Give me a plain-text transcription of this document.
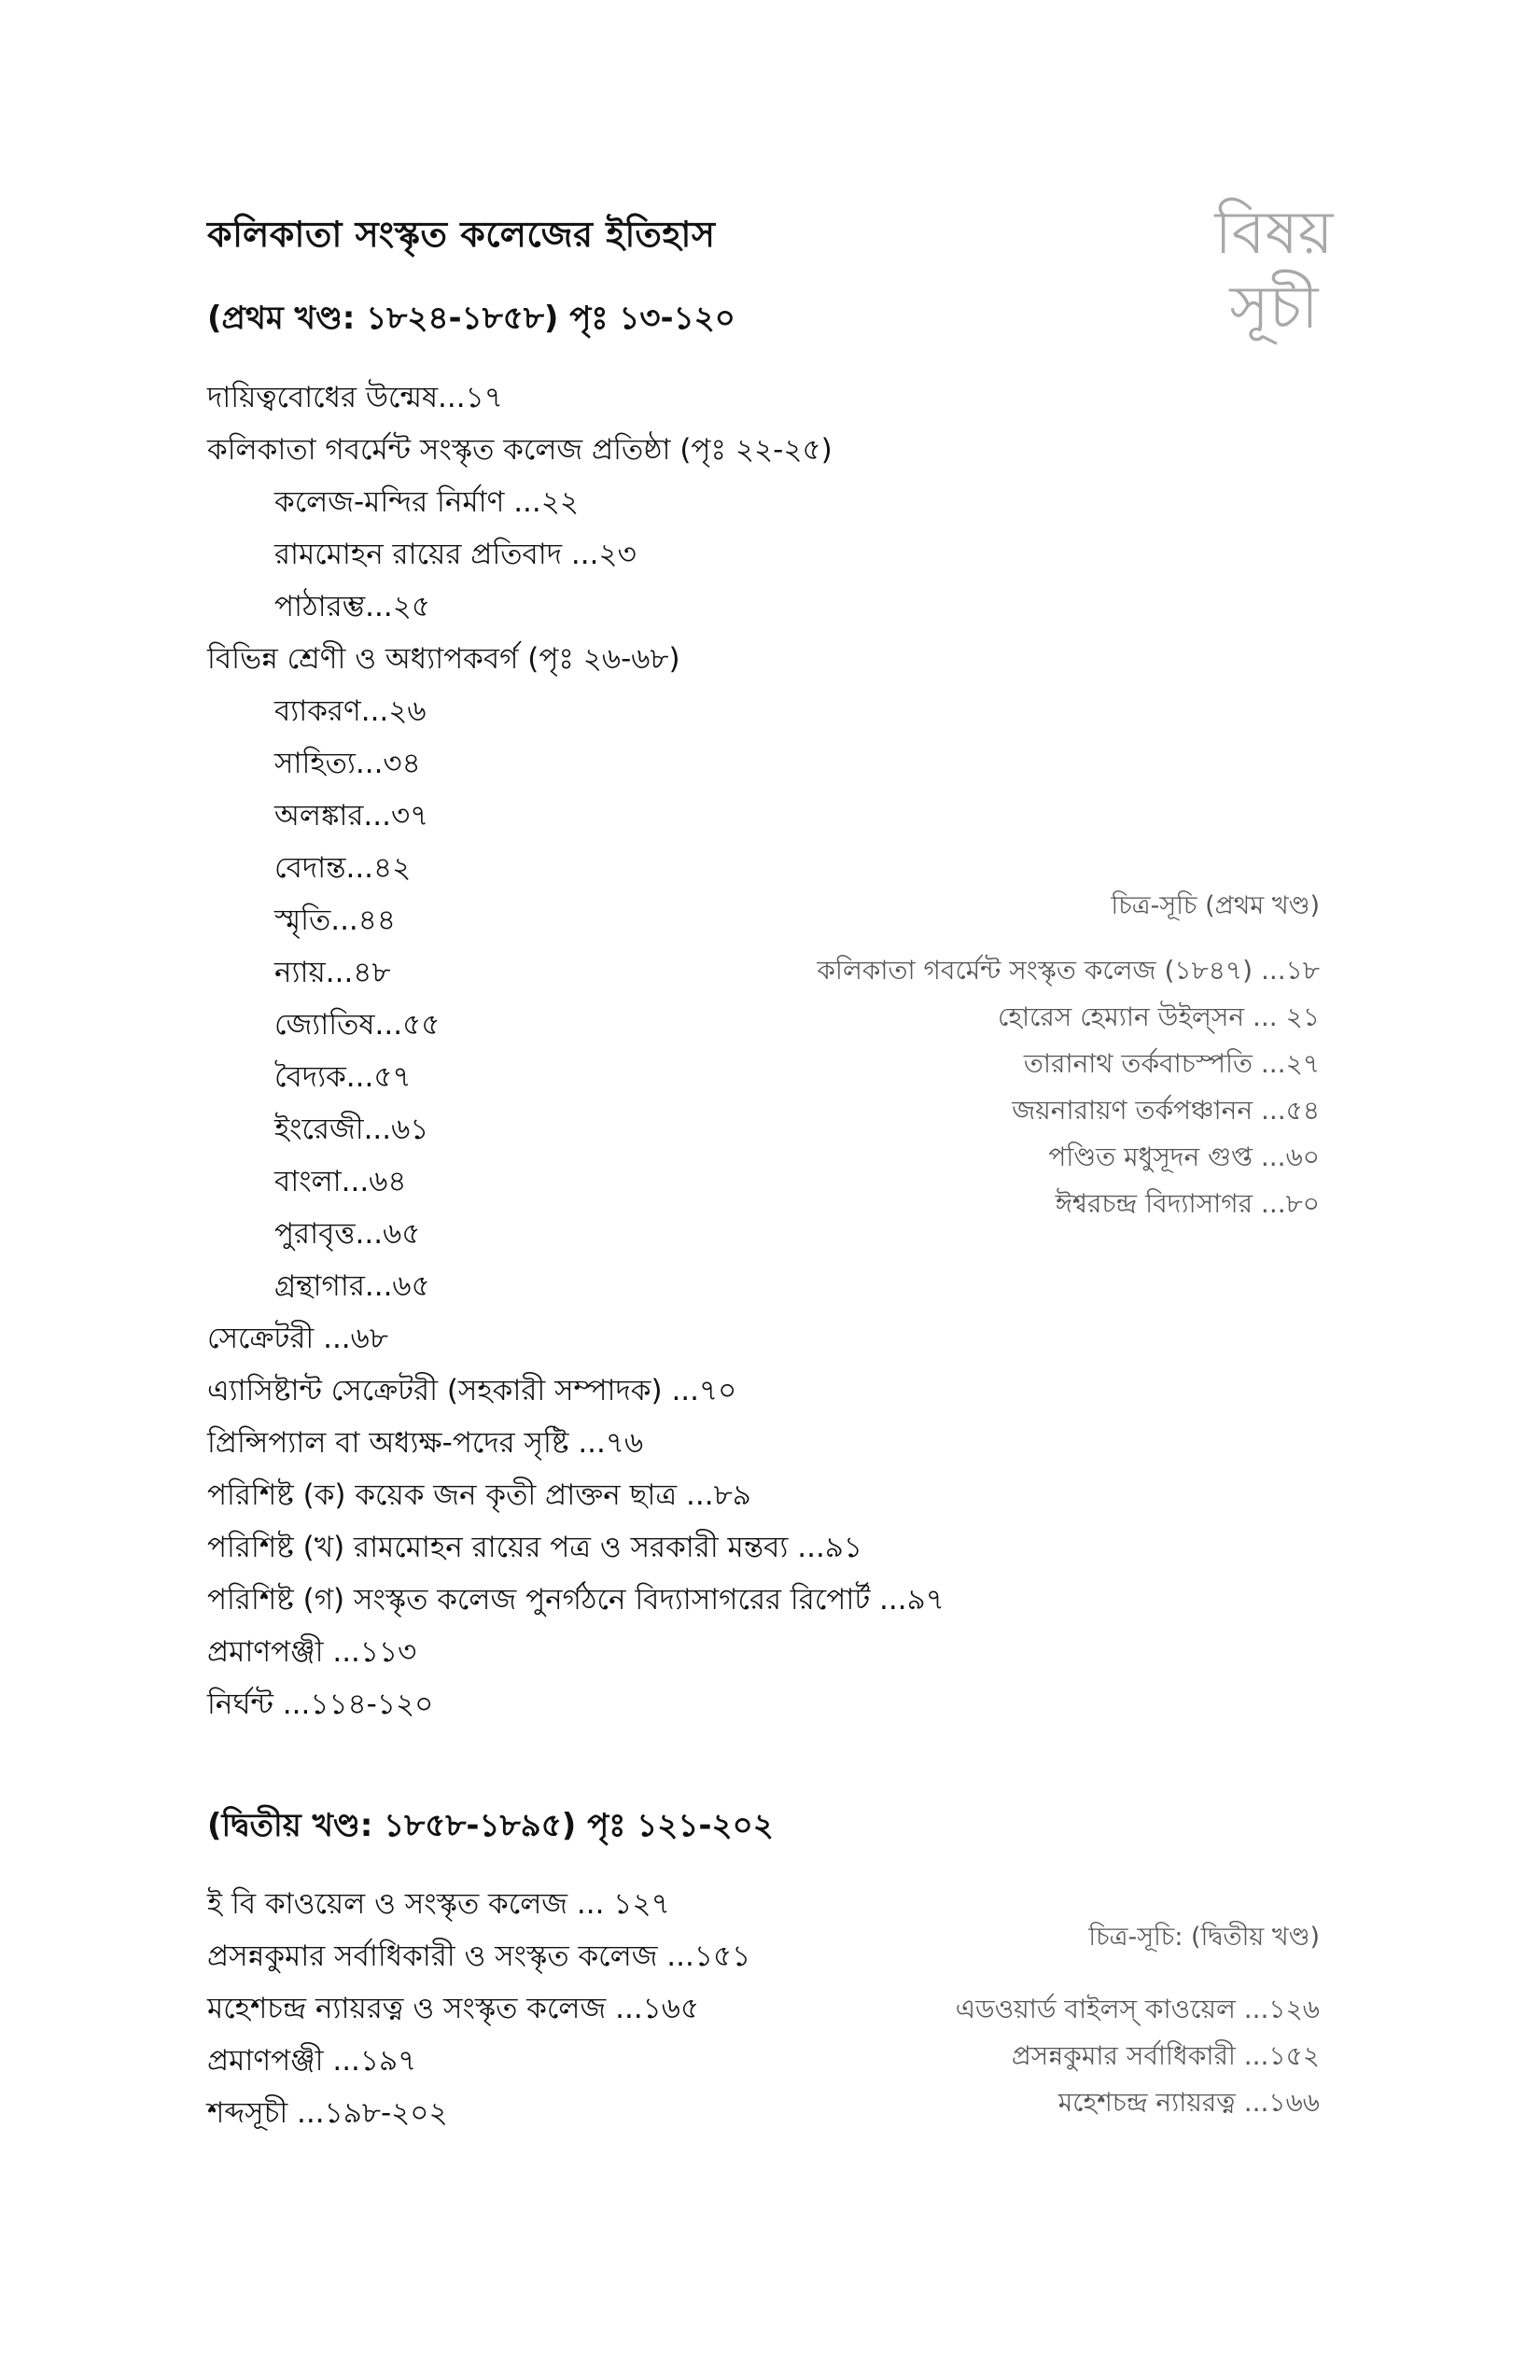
কলিকাতা সংস্কৃত কলেজের ইতিহাস	বিষয়
সূচী
(প্রথম খণ্ড: ১৮২৪-১৮৫৮) পৃঃ ১৩-১২০
দায়িত্ববোধের উন্মেষ...১৭
কলিকাতা গবর্মেন্ট সংস্কৃত কলেজ প্রতিষ্ঠা (পৃঃ ২২-২৫)
কলেজ-মন্দির নির্মাণ ...২২
রামমোহন রায়ের প্রতিবাদ ...২৩
পাঠারম্ভ...২৫
বিভিন্ন শ্রেণী ও অধ্যাপকবর্গ (পৃঃ ২৬-৬৮)
ব্যাকরণ...২৬
সাহিত্য...৩৪
অলঙ্কার...৩৭
বেদান্ত...৪২
স্মৃতি...৪৪
ন্যায়...৪৮
জ্যোতিষ...৫৫
বৈদ্যক...৫৭
ইংরেজী...৬১
বাংলা...৬৪
পুরাবৃত্ত...৬৫
গ্রন্থাগার...৬৫
সেক্রেটরী ...৬৮
এ্যাসিষ্টান্ট সেক্রেটরী (সহকারী সম্পাদক) ...৭০
প্রিন্সিপ্যাল বা অধ্যক্ষ-পদের সৃষ্টি ...৭৬
পরিশিষ্ট (ক) কয়েক জন কৃতী প্রাক্তন ছাত্র ...৮৯
পরিশিষ্ট (খ) রামমোহন রায়ের পত্র ও সরকারী মন্তব্য ...৯১
পরিশিষ্ট (গ) সংস্কৃত কলেজ পুনর্গঠনে বিদ্যাসাগরের রিপোর্ট ...৯৭
প্রমাণপঞ্জী ...১১৩
নির্ঘন্ট ...১১৪-১২০
চিত্র-সূচি (প্রথম খণ্ড)
কলিকাতা গবর্মেন্ট সংস্কৃত কলেজ (১৮৪৭) ...১৮
হোরেস হেম্যান উইল্সন ... ২১
তারানাথ তর্কবাচস্পতি ...২৭
জয়নারায়ণ তর্কপঞ্চানন ...৫৪
পণ্ডিত মধুসূদন গুপ্ত ...৬০
ঈশ্বরচন্দ্র বিদ্যাসাগর ...৮০
(দ্বিতীয় খণ্ড: ১৮৫৮-১৮৯৫) পৃঃ ১২১-২০২
ই বি কাওয়েল ও সংস্কৃত কলেজ ... ১২৭
প্রসন্নকুমার সর্বাধিকারী ও সংস্কৃত কলেজ ...১৫১
মহেশচন্দ্র ন্যায়রত্ন ও সংস্কৃত কলেজ ...১৬৫
প্রমাণপঞ্জী ...১৯৭
শব্দসূচী ...১৯৮-২০২
চিত্র-সূচি: (দ্বিতীয় খণ্ড)
এডওয়ার্ড বাইলস্ কাওয়েল ...১২৬
প্রসন্নকুমার সর্বাধিকারী ...১৫২
মহেশচন্দ্র ন্যায়রত্ন ...১৬৬
